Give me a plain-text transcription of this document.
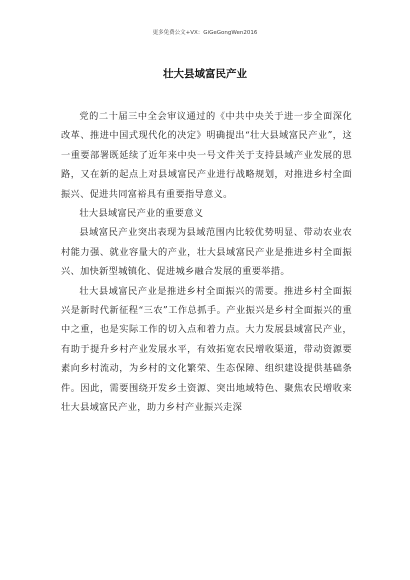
更多免费公文+VX：GiGeGongWen2016
壮大县域富民产业

党的二十届三中全会审议通过的《中共中央关于进一步全面深化改革、推进中国式现代化的决定》明确提出“壮大县域富民产业”，这一重要部署既延续了近年来中央一号文件关于支持县域产业发展的思路，又在新的起点上对县域富民产业进行战略规划，对推进乡村全面振兴、促进共同富裕具有重要指导意义。

壮大县域富民产业的重要意义

县域富民产业突出表现为县域范围内比较优势明显、带动农业农村能力强、就业容量大的产业，壮大县域富民产业是推进乡村全面振兴、加快新型城镇化、促进城乡融合发展的重要举措。

壮大县域富民产业是推进乡村全面振兴的需要。推进乡村全面振兴是新时代新征程“三农”工作总抓手。产业振兴是乡村全面振兴的重中之重，也是实际工作的切入点和着力点。大力发展县域富民产业，有助于提升乡村产业发展水平，有效拓宽农民增收渠道，带动资源要素向乡村流动，为乡村的文化繁荣、生态保障、组织建设提供基础条件。因此，需要围绕开发乡土资源、突出地域特色、聚焦农民增收来壮大县域富民产业，助力乡村产业振兴走深
